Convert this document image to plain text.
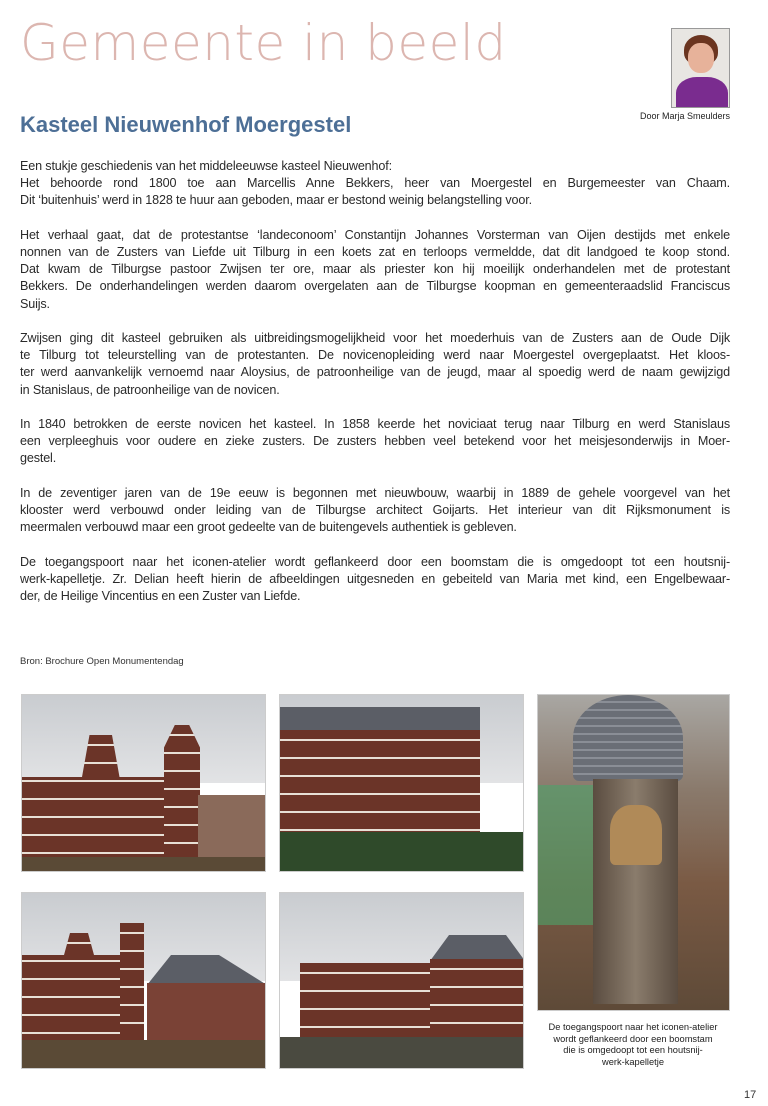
Gemeente in beeld
Door Marja Smeulders
Kasteel Nieuwenhof Moergestel
Een stukje geschiedenis van het middeleeuwse kasteel Nieuwenhof:
Het behoorde rond 1800 toe aan Marcellis Anne Bekkers, heer van Moergestel en Burgemeester van Chaam.
Dit ‘buitenhuis’ werd in 1828 te huur aan geboden, maar er bestond weinig belangstelling voor.
Het verhaal gaat, dat de protestantse ‘landeconoom’ Constantijn Johannes Vorsterman van Oijen destijds met enkele
nonnen van de Zusters van Liefde uit Tilburg in een koets zat en terloops vermeldde, dat dit landgoed te koop stond.
Dat kwam de Tilburgse pastoor Zwijsen ter ore, maar als priester kon hij moeilijk onderhandelen met de protestant
Bekkers. De onderhandelingen werden daarom overgelaten aan de Tilburgse koopman en gemeenteraadslid Franciscus
Suijs.
Zwijsen ging dit kasteel gebruiken als uitbreidingsmogelijkheid voor het moederhuis van de Zusters aan de Oude Dijk
te Tilburg tot teleurstelling van de protestanten. De novicenopleiding werd naar Moergestel overgeplaatst. Het kloos-
ter werd aanvankelijk vernoemd naar Aloysius, de patroonheilige van de jeugd, maar al spoedig werd de naam gewijzigd
in Stanislaus, de patroonheilige van de novicen.
In 1840 betrokken de eerste novicen het kasteel. In 1858 keerde het noviciaat terug naar Tilburg en werd Stanislaus
een verpleeghuis voor oudere en zieke zusters. De zusters hebben veel betekend voor het meisjesonderwijs in Moer-
gestel.
In de zeventiger jaren van de 19e eeuw is begonnen met nieuwbouw, waarbij in 1889 de gehele voorgevel van het
klooster werd verbouwd onder leiding van de Tilburgse architect Goijarts. Het interieur van dit Rijksmonument is
meermalen verbouwd maar een groot gedeelte van de buitengevels authentiek is gebleven.
De toegangspoort naar het iconen-atelier wordt geflankeerd door een boomstam die is omgedoopt tot een houtsnij-
werk-kapelletje. Zr. Delian heeft hierin de afbeeldingen uitgesneden en gebeiteld van Maria met kind, een Engelbewaar-
der, de Heilige Vincentius en een Zuster van Liefde.
Bron: Brochure Open Monumentendag
De toegangspoort naar het iconen-atelier
wordt geflankeerd door een boomstam
die is omgedoopt tot een houtsnij-
werk-kapelletje
17
